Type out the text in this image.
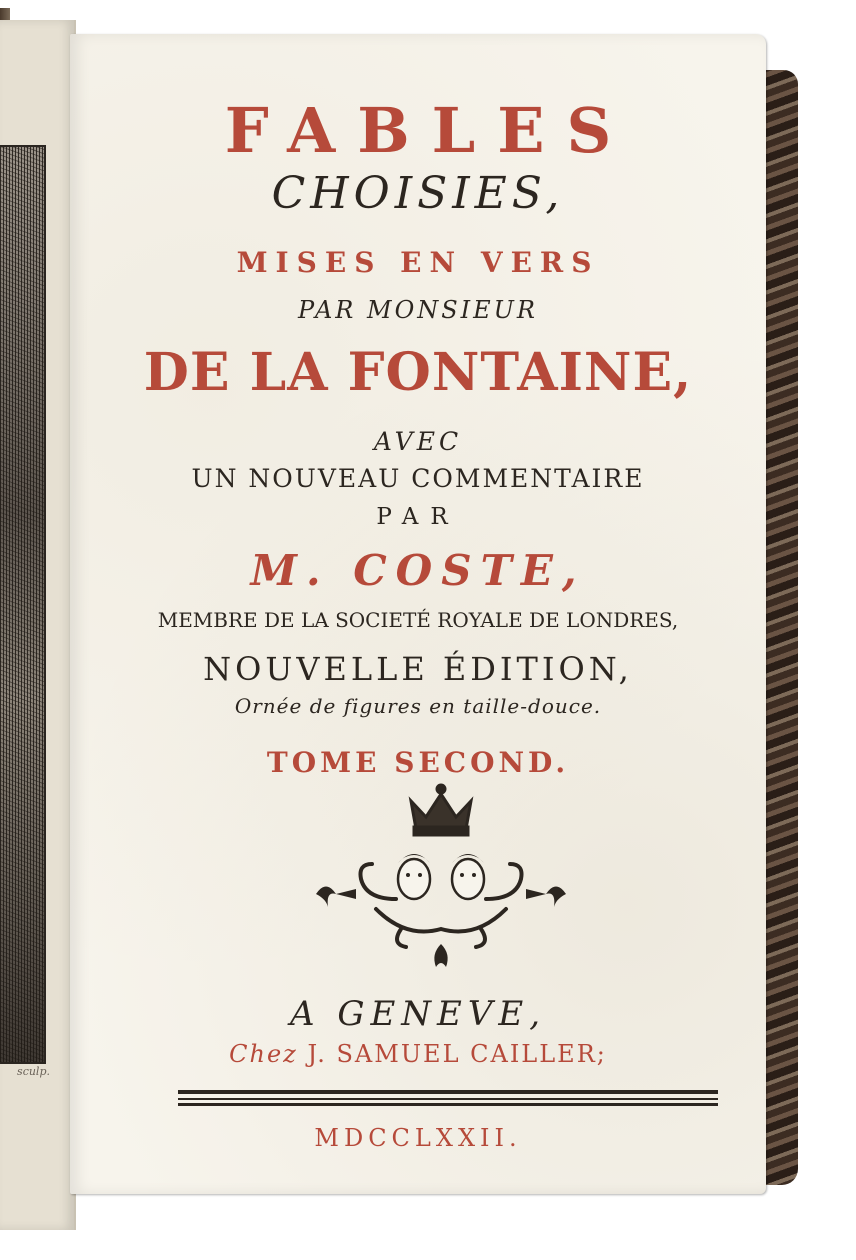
sculp.
FABLES
CHOISIES,
MISES EN VERS
PAR MONSIEUR
DE LA FONTAINE,
AVEC
UN NOUVEAU COMMENTAIRE
PAR
M. COSTE,
MEMBRE DE LA SOCIETÉ ROYALE DE LONDRES,
NOUVELLE ÉDITION,
Ornée de figures en taille-douce.
TOME SECOND.
A GENEVE,
Chez J. SAMUEL CAILLER;
MDCCLXXII.
